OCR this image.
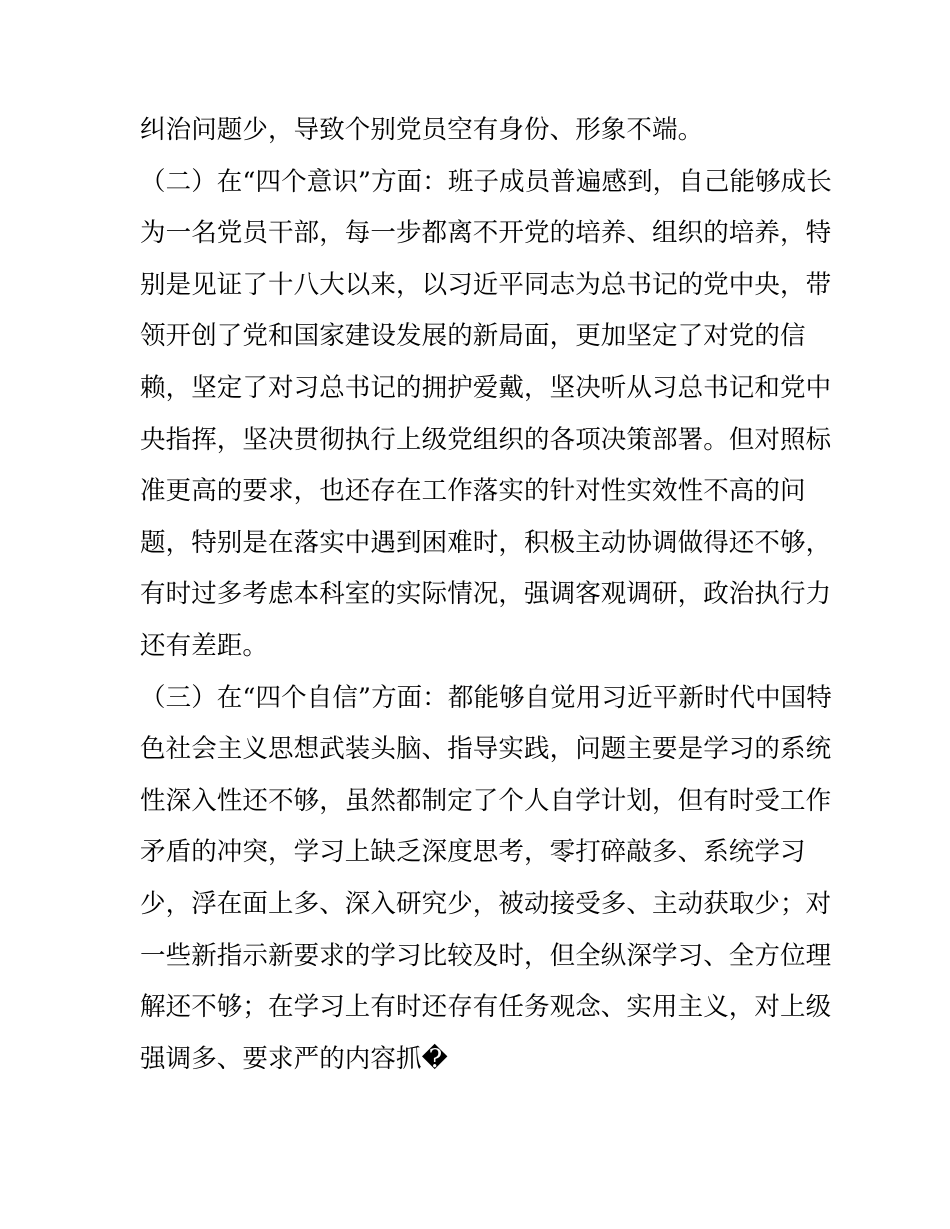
纠治问题少，导致个别党员空有身份、形象不端。
（二）在“四个意识”方面：班子成员普遍感到，自己能够成长
为一名党员干部，每一步都离不开党的培养、组织的培养，特
别是见证了十八大以来，以习近平同志为总书记的党中央，带
领开创了党和国家建设发展的新局面，更加坚定了对党的信
赖，坚定了对习总书记的拥护爱戴，坚决听从习总书记和党中
央指挥，坚决贯彻执行上级党组织的各项决策部署。但对照标
准更高的要求，也还存在工作落实的针对性实效性不高的问
题，特别是在落实中遇到困难时，积极主动协调做得还不够，
有时过多考虑本科室的实际情况，强调客观调研，政治执行力
还有差距。
（三）在“四个自信”方面：都能够自觉用习近平新时代中国特
色社会主义思想武装头脑、指导实践，问题主要是学习的系统
性深入性还不够，虽然都制定了个人自学计划，但有时受工作
矛盾的冲突，学习上缺乏深度思考，零打碎敲多、系统学习
少，浮在面上多、深入研究少，被动接受多、主动获取少；对
一些新指示新要求的学习比较及时，但全纵深学习、全方位理
解还不够；在学习上有时还存有任务观念、实用主义，对上级
强调多、要求严的内容抓�
